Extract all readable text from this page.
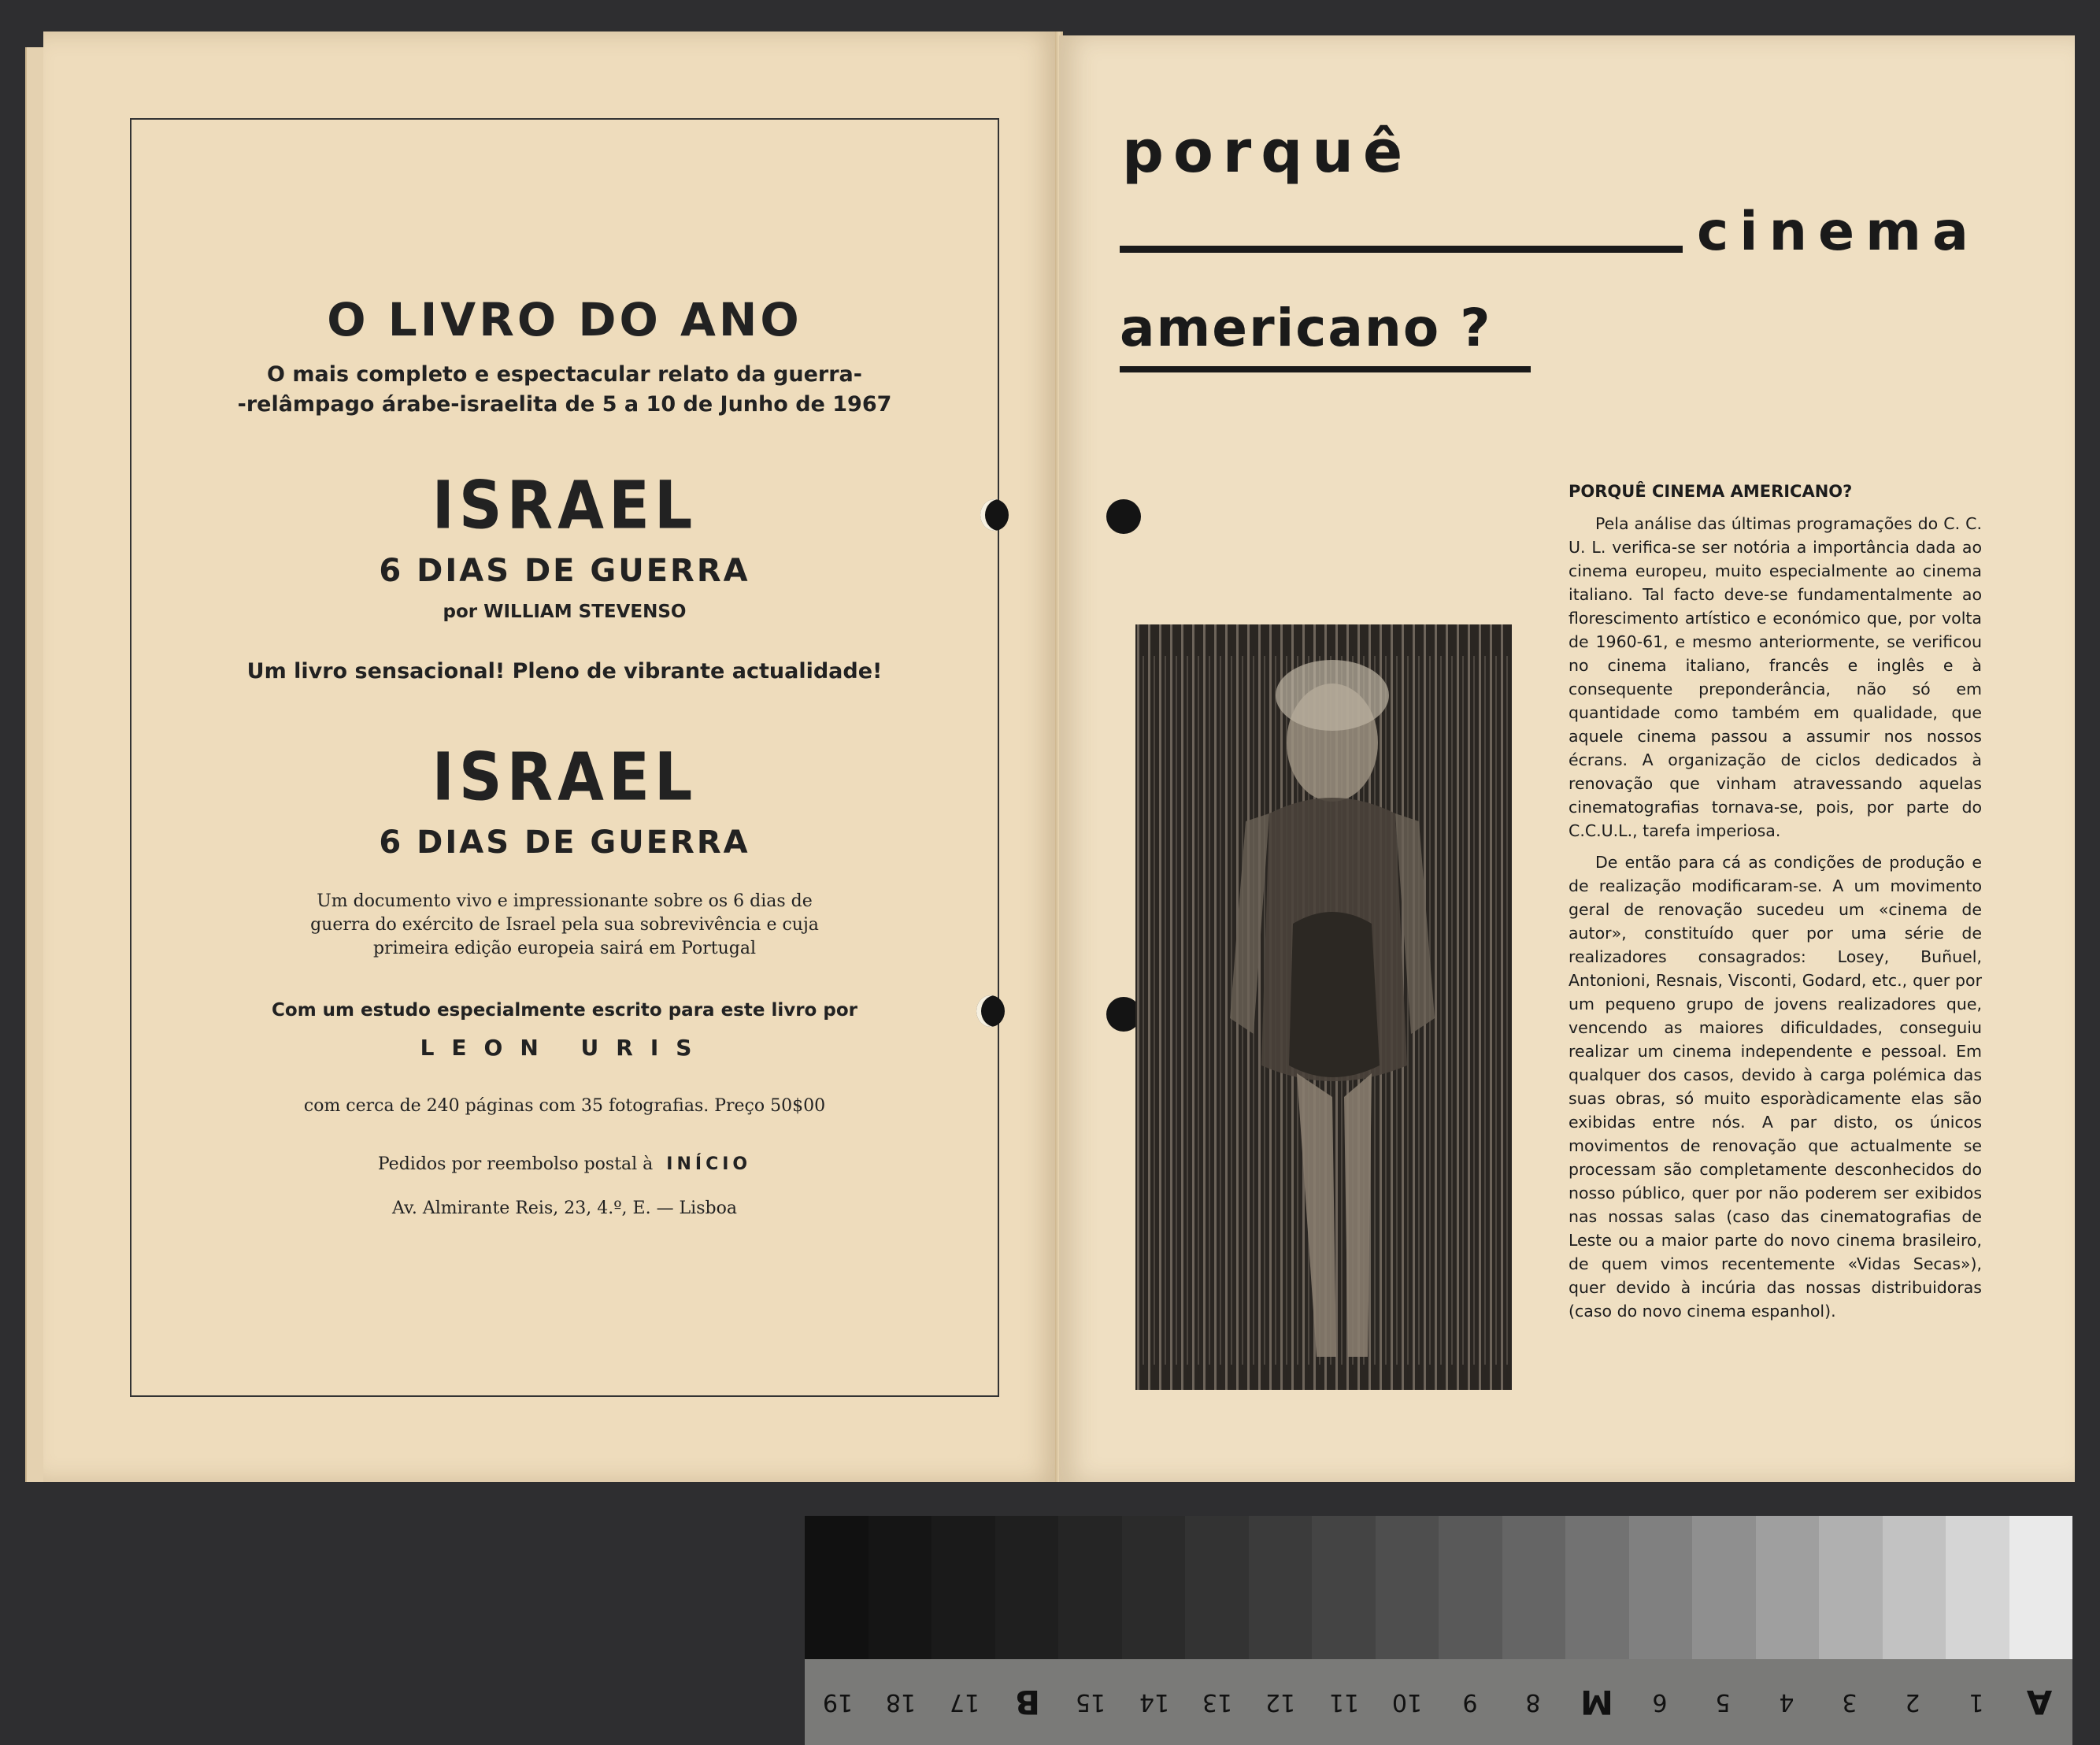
O LIVRO DO ANO
O mais completo e espectacular relato da guerra-
-relâmpago árabe-israelita de 5 a 10 de Junho de 1967
ISRAEL
6 DIAS DE GUERRA
por WILLIAM STEVENSO
Um livro sensacional! Pleno de vibrante actualidade!
ISRAEL
6 DIAS DE GUERRA
Um documento vivo e impressionante sobre os 6 dias de
guerra do exército de Israel pela sua sobrevivência e cuja
primeira edição europeia sairá em Portugal
Com um estudo especialmente escrito para este livro por
LEON URIS
com cerca de 240 páginas com 35 fotografias. Preço 50$00
Pedidos por reembolso postal à INÍCIO
Av. Almirante Reis, 23, 4.º, E. — Lisboa
porquê
cinema
americano ?
PORQUÊ CINEMA AMERICANO?

Pela análise das últimas programações do C. C. U. L. verifica-se ser notória a importância dada ao cinema europeu, muito especialmente ao cinema italiano. Tal facto deve-se fundamentalmente ao florescimento artístico e económico que, por volta de 1960-61, e mesmo anteriormente, se verificou no cinema italiano, francês e inglês e à consequente preponderância, não só em quantidade como também em qualidade, que aquele cinema passou a assumir nos nossos écrans. A organização de ciclos dedicados à renovação que vinham atravessando aquelas cinematografias tornava-se, pois, por parte do C.C.U.L., tarefa imperiosa.

De então para cá as condições de produção e de realização modificaram-se. A um movimento geral de renovação sucedeu um «cinema de autor», constituído quer por uma série de realizadores consagrados: Losey, Buñuel, Antonioni, Resnais, Visconti, Godard, etc., quer por um pequeno grupo de jovens realizadores que, vencendo as maiores dificuldades, conseguiu realizar um cinema independente e pessoal. Em qualquer dos casos, devido à carga polémica das suas obras, só muito esporàdicamente elas são exibidas entre nós. A par disto, os únicos movimentos de renovação que actualmente se processam são completamente desconhecidos do nosso público, quer por não poderem ser exibidos nas nossas salas (caso das cinematografias de Leste ou a maior parte do novo cinema brasileiro, de quem vimos recentemente «Vidas Secas»), quer devido à incúria das nossas distribuidoras (caso do novo cinema espanhol).

19	18	17	B	15	14	13	12	11	10	9	8	M	6	5	4	3	2	1	A
